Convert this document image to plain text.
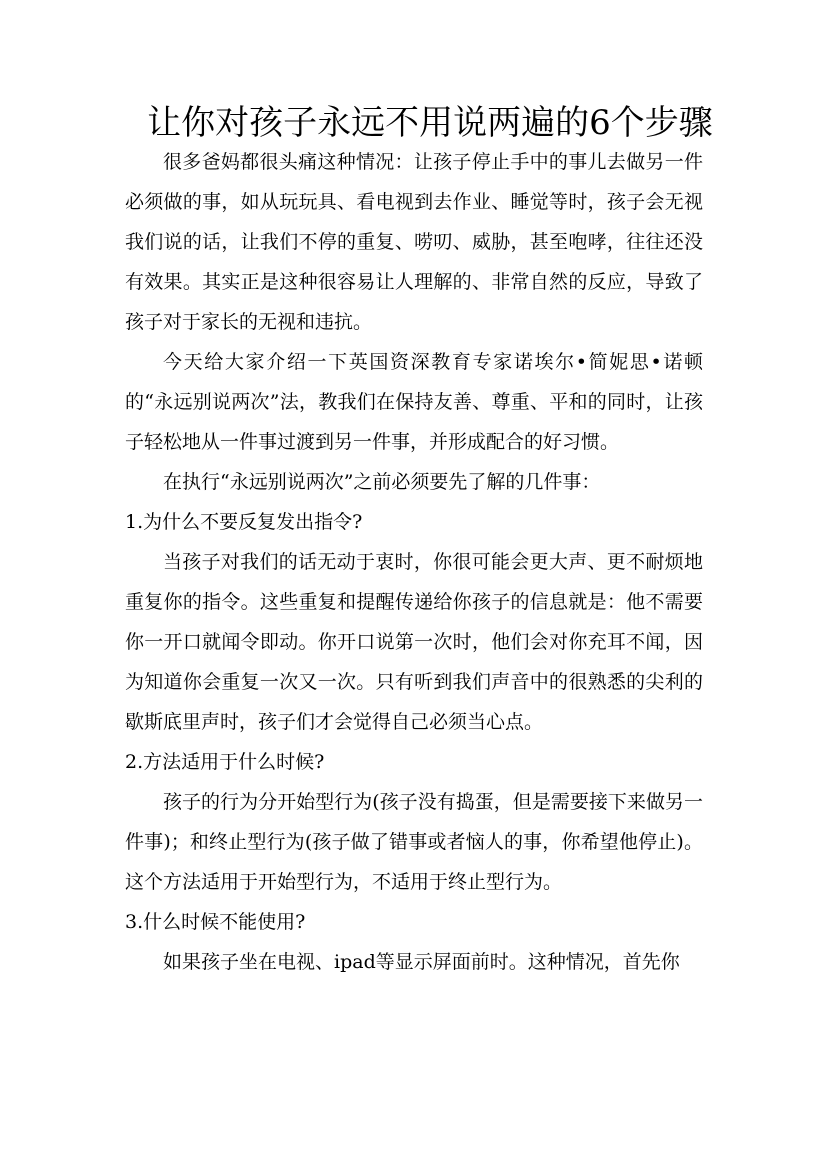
让你对孩子永远不用说两遍的6个步骤

很多爸妈都很头痛这种情况：让孩子停止手中的事儿去做另一件必须做的事，如从玩玩具、看电视到去作业、睡觉等时，孩子会无视我们说的话，让我们不停的重复、唠叨、威胁，甚至咆哮，往往还没有效果。其实正是这种很容易让人理解的、非常自然的反应，导致了孩子对于家长的无视和违抗。

今天给大家介绍一下英国资深教育专家诺埃尔•简妮思•诺顿的“永远别说两次”法，教我们在保持友善、尊重、平和的同时，让孩子轻松地从一件事过渡到另一件事，并形成配合的好习惯。

在执行“永远别说两次”之前必须要先了解的几件事：

1.为什么不要反复发出指令?

当孩子对我们的话无动于衷时，你很可能会更大声、更不耐烦地重复你的指令。这些重复和提醒传递给你孩子的信息就是：他不需要你一开口就闻令即动。你开口说第一次时，他们会对你充耳不闻，因为知道你会重复一次又一次。只有听到我们声音中的很熟悉的尖利的歇斯底里声时，孩子们才会觉得自己必须当心点。

2.方法适用于什么时候?

孩子的行为分开始型行为(孩子没有捣蛋，但是需要接下来做另一件事)；和终止型行为(孩子做了错事或者恼人的事，你希望他停止)。这个方法适用于开始型行为，不适用于终止型行为。

3.什么时候不能使用?

如果孩子坐在电视、ipad等显示屏面前时。这种情况，首先你
